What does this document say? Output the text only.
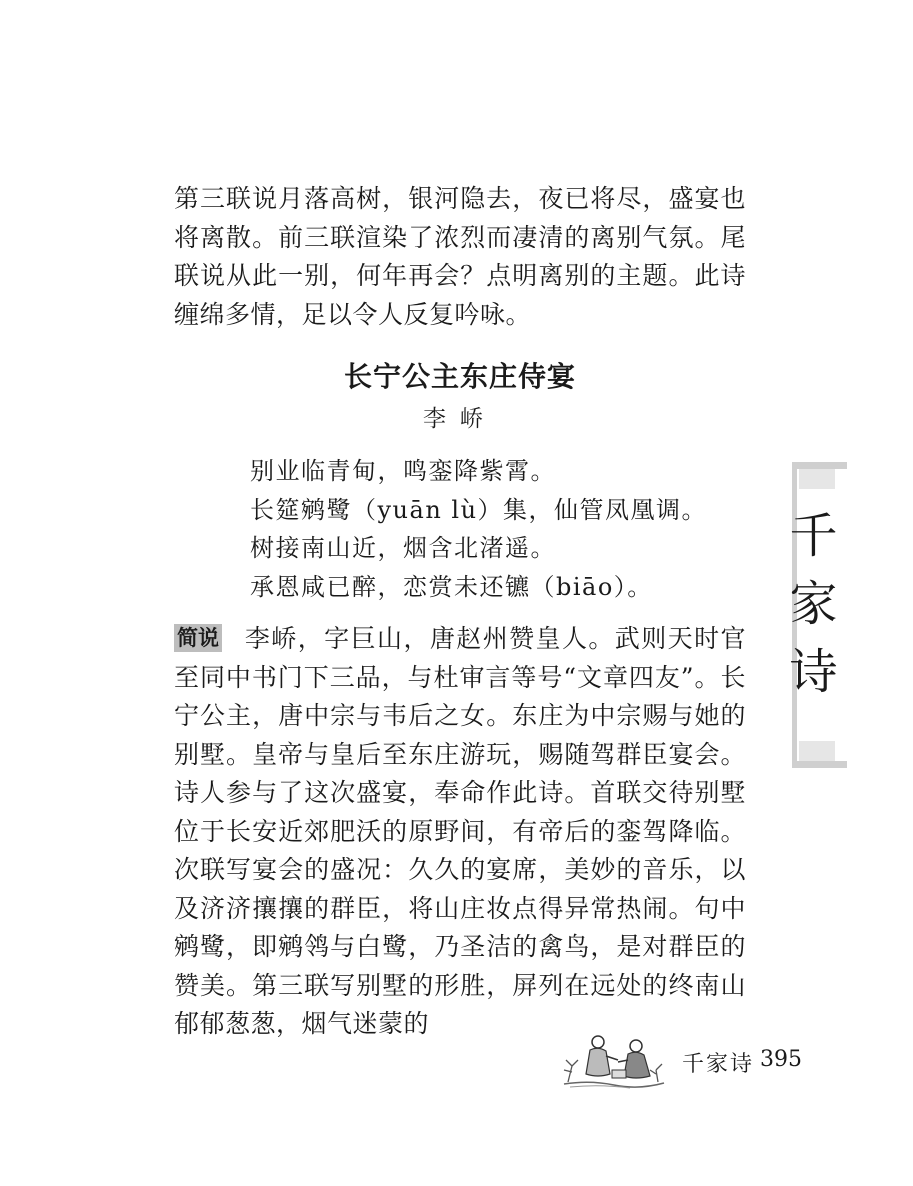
第三联说月落高树，银河隐去，夜已将尽，盛宴也将离散。前三联渲染了浓烈而凄清的离别气氛。尾联说从此一别，何年再会？点明离别的主题。此诗缠绵多情，足以令人反复吟咏。

长宁公主东庄侍宴
李峤
别业临青甸，鸣銮降紫霄。
长筵鹓鹭（yuān lù）集，仙管凤凰调。
树接南山近，烟含北渚遥。
承恩咸已醉，恋赏未还镳（biāo）。

简说 李峤，字巨山，唐赵州赞皇人。武则天时官至同中书门下三品，与杜审言等号“文章四友”。长宁公主，唐中宗与韦后之女。东庄为中宗赐与她的别墅。皇帝与皇后至东庄游玩，赐随驾群臣宴会。诗人参与了这次盛宴，奉命作此诗。首联交待别墅位于长安近郊肥沃的原野间，有帝后的銮驾降临。次联写宴会的盛况：久久的宴席，美妙的音乐，以及济济攘攘的群臣，将山庄妆点得异常热闹。句中鹓鹭，即鹓鸰与白鹭，乃圣洁的禽鸟，是对群臣的赞美。第三联写别墅的形胜，屏列在远处的终南山郁郁葱葱，烟气迷蒙的

千家诗
千家诗 395
